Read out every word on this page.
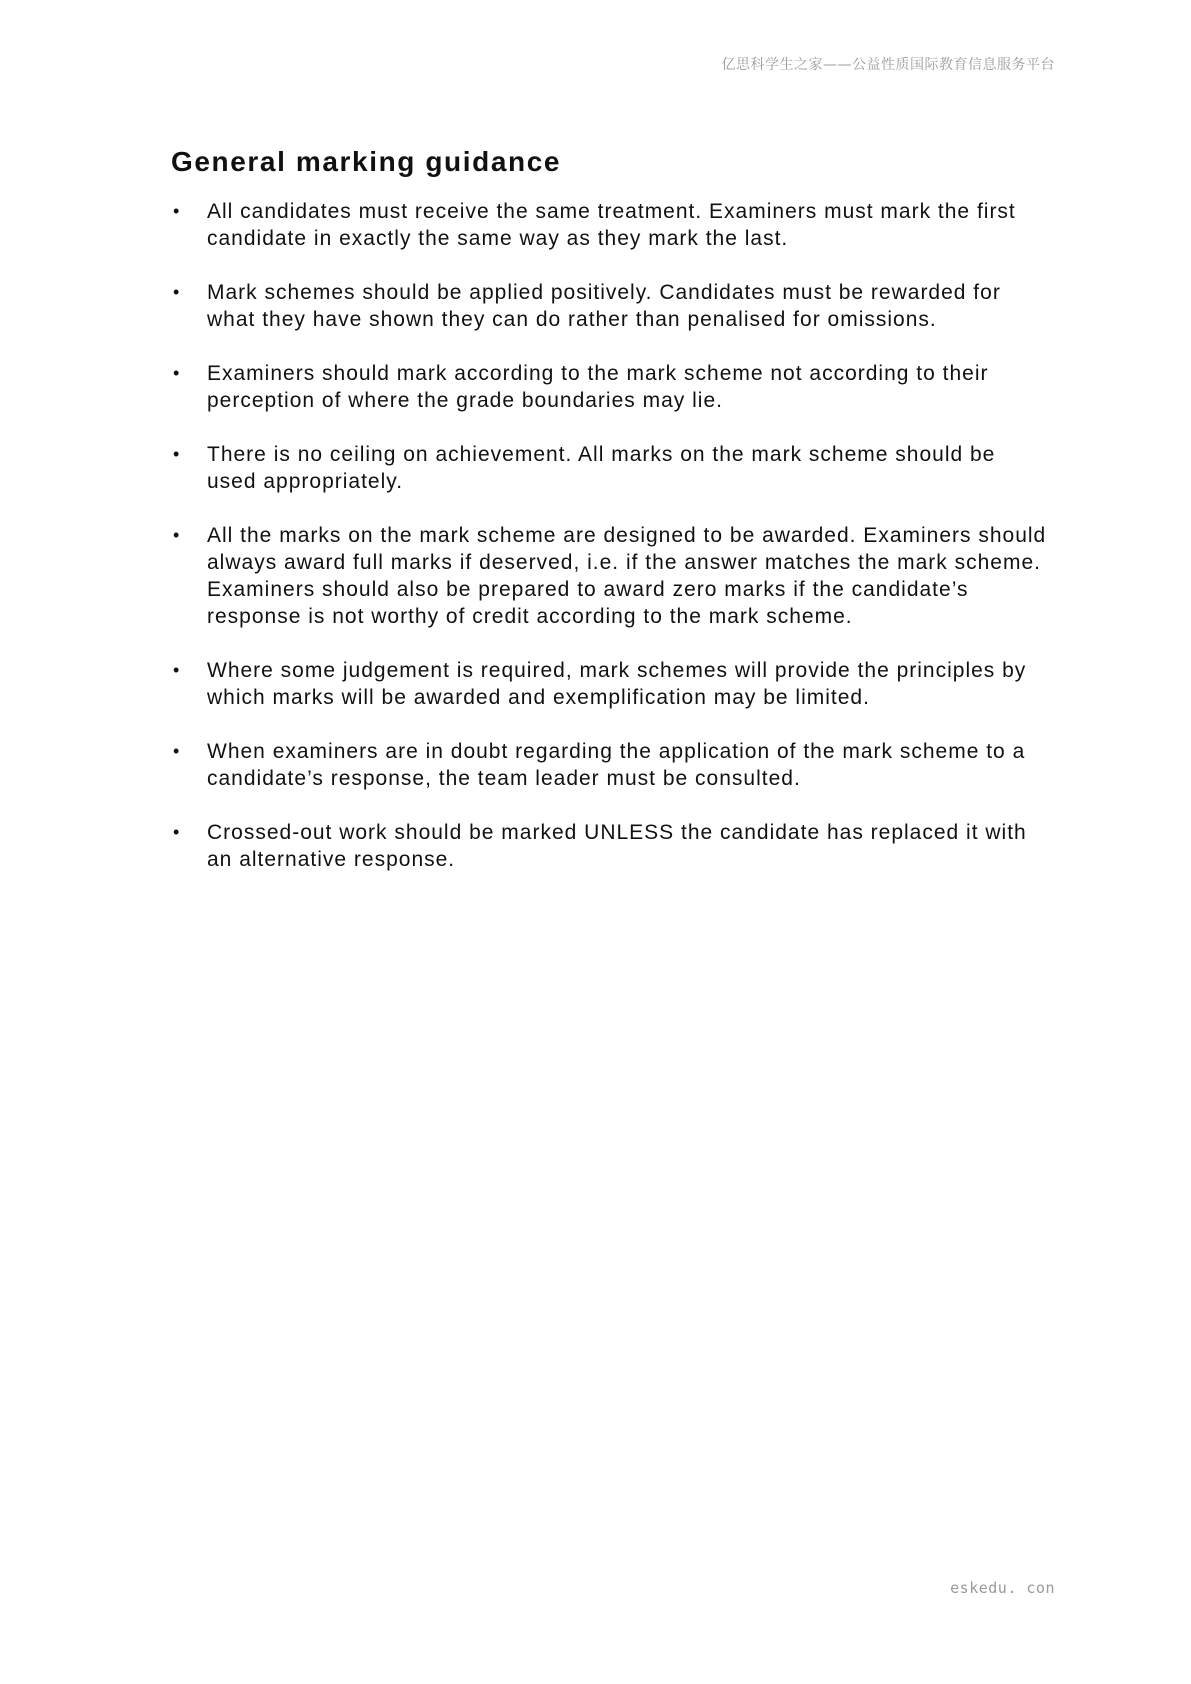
亿思科学生之家——公益性质国际教育信息服务平台
General marking guidance
• All candidates must receive the same treatment. Examiners must mark the first candidate in exactly the same way as they mark the last.
• Mark schemes should be applied positively. Candidates must be rewarded for what they have shown they can do rather than penalised for omissions.
• Examiners should mark according to the mark scheme not according to their perception of where the grade boundaries may lie.
• There is no ceiling on achievement. All marks on the mark scheme should be used appropriately.
• All the marks on the mark scheme are designed to be awarded. Examiners should always award full marks if deserved, i.e. if the answer matches the mark scheme. Examiners should also be prepared to award zero marks if the candidate’s response is not worthy of credit according to the mark scheme.
• Where some judgement is required, mark schemes will provide the principles by which marks will be awarded and exemplification may be limited.
• When examiners are in doubt regarding the application of the mark scheme to a candidate’s response, the team leader must be consulted.
• Crossed-out work should be marked UNLESS the candidate has replaced it with an alternative response.
eskedu. con
